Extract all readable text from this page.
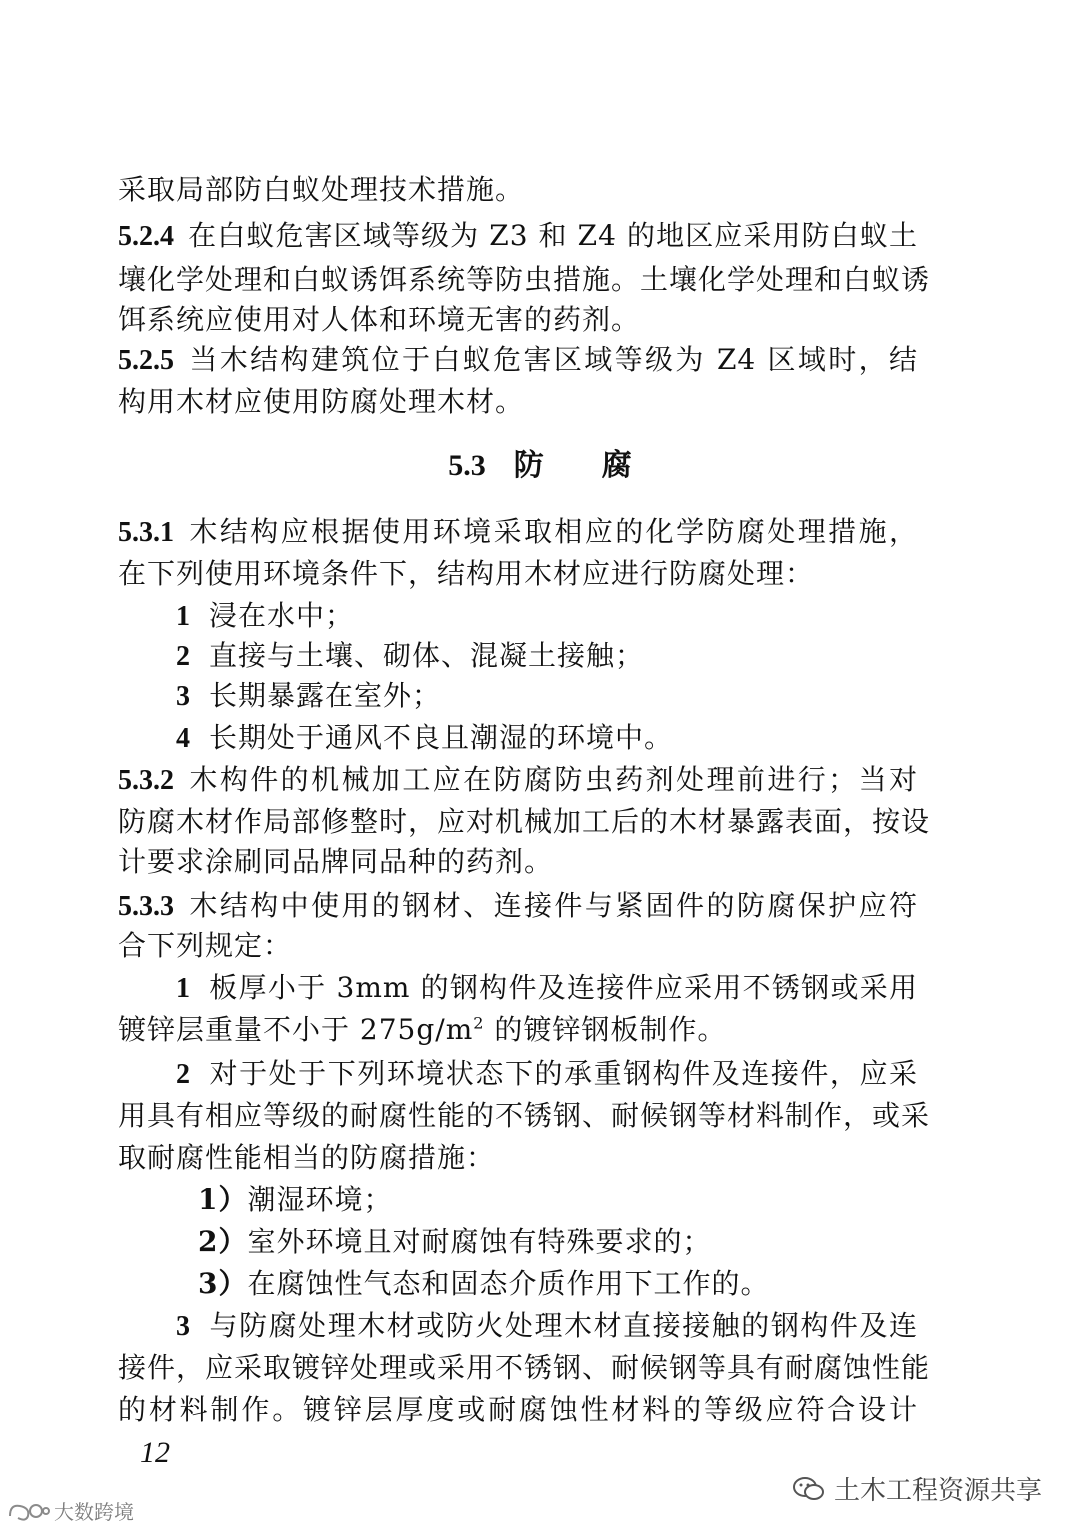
采取局部防白蚁处理技术措施。
5.2.4 在白蚁危害区域等级为 Z3 和 Z4 的地区应采用防白蚁土
壤化学处理和白蚁诱饵系统等防虫措施。土壤化学处理和白蚁诱
饵系统应使用对人体和环境无害的药剂。
5.2.5 当木结构建筑位于白蚁危害区域等级为 Z4 区域时，结
构用木材应使用防腐处理木材。
5.3 防 腐
5.3.1 木结构应根据使用环境采取相应的化学防腐处理措施，
在下列使用环境条件下，结构用木材应进行防腐处理：
1 浸在水中；
2 直接与土壤、砌体、混凝土接触；
3 长期暴露在室外；
4 长期处于通风不良且潮湿的环境中。
5.3.2 木构件的机械加工应在防腐防虫药剂处理前进行；当对
防腐木材作局部修整时，应对机械加工后的木材暴露表面，按设
计要求涂刷同品牌同品种的药剂。
5.3.3 木结构中使用的钢材、连接件与紧固件的防腐保护应符
合下列规定：
1 板厚小于 3mm 的钢构件及连接件应采用不锈钢或采用
镀锌层重量不小于 $275g/m^2$ 的镀锌钢板制作。
2 对于处于下列环境状态下的承重钢构件及连接件，应采
用具有相应等级的耐腐性能的不锈钢、耐候钢等材料制作，或采
取耐腐性能相当的防腐措施：
1）潮湿环境；
2）室外环境且对耐腐蚀有特殊要求的；
3）在腐蚀性气态和固态介质作用下工作的。
3 与防腐处理木材或防火处理木材直接接触的钢构件及连
接件，应采取镀锌处理或采用不锈钢、耐候钢等具有耐腐蚀性能
的材料制作。镀锌层厚度或耐腐蚀性材料的等级应符合设计
12
土木工程资源共享
大数跨境
